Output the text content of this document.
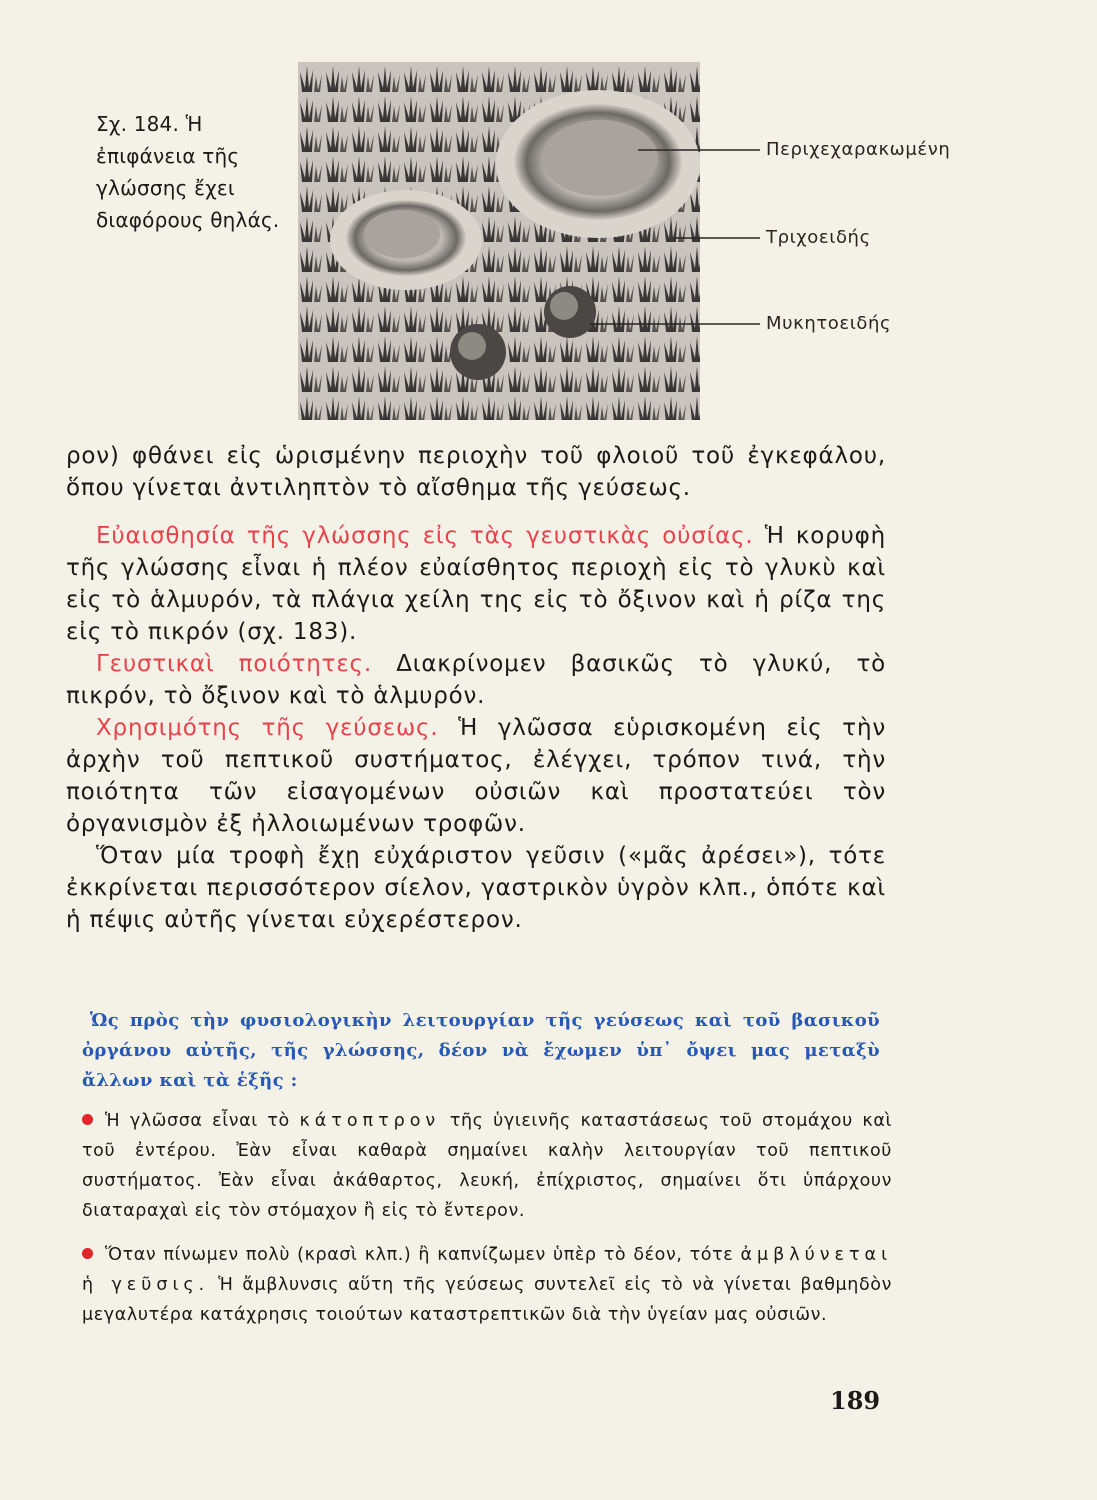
Σχ. 184. Ἡ ἐπιφάνεια τῆς γλώσσης ἔχει διαφόρους θηλάς.
Περιχεχαρακωμένη
Τριχοειδής
Μυκητοειδής

ρον) φθάνει εἰς ὡρισμένην περιοχὴν τοῦ φλοιοῦ τοῦ ἐγκεφάλου, ὅπου γίνεται ἀντιληπτὸν τὸ αἴσθημα τῆς γεύσεως.

Εὐαισθησία τῆς γλώσσης εἰς τὰς γευστικὰς οὐσίας. Ἡ κορυφὴ τῆς γλώσσης εἶναι ἡ πλέον εὐαίσθητος περιοχὴ εἰς τὸ γλυκὺ καὶ εἰς τὸ ἁλμυρόν, τὰ πλάγια χείλη της εἰς τὸ ὄξινον καὶ ἡ ρίζα της εἰς τὸ πικρόν (σχ. 183).

Γευστικαὶ ποιότητες. Διακρίνομεν βασικῶς τὸ γλυκύ, τὸ πικρόν, τὸ ὄξινον καὶ τὸ ἁλμυρόν.

Χρησιμότης τῆς γεύσεως. Ἡ γλῶσσα εὑρισκομένη εἰς τὴν ἀρχὴν τοῦ πεπτικοῦ συστήματος, ἐλέγχει, τρόπον τινά, τὴν ποιότητα τῶν εἰσαγομένων οὐσιῶν καὶ προστατεύει τὸν ὀργανισμὸν ἐξ ἠλλοιωμένων τροφῶν.

Ὅταν μία τροφὴ ἔχῃ εὐχάριστον γεῦσιν («μᾶς ἀρέσει»), τότε ἐκκρίνεται περισσότερον σίελον, γαστρικὸν ὑγρὸν κλπ., ὁπότε καὶ ἡ πέψις αὐτῆς γίνεται εὐχερέστερον.

Ὡς πρὸς τὴν φυσιολογικὴν λειτουργίαν τῆς γεύσεως καὶ τοῦ βασικοῦ ὀργάνου αὐτῆς, τῆς γλώσσης, δέον νὰ ἔχωμεν ὑπ᾿ ὄψει μας μεταξὺ ἄλλων καὶ τὰ ἑξῆς :
Ἡ γλῶσσα εἶναι τὸ κάτοπτρον τῆς ὑγιεινῆς καταστάσεως τοῦ στομάχου καὶ τοῦ ἐντέρου. Ἐὰν εἶναι καθαρὰ σημαίνει καλὴν λειτουργίαν τοῦ πεπτικοῦ συστήματος. Ἐὰν εἶναι ἀκάθαρτος, λευκή, ἐπίχριστος, σημαίνει ὅτι ὑπάρχουν διαταραχαὶ εἰς τὸν στόμαχον ἢ εἰς τὸ ἔντερον.
Ὅταν πίνωμεν πολὺ (κρασὶ κλπ.) ἢ καπνίζωμεν ὑπὲρ τὸ δέον, τότε ἀμβλύνεται ἡ γεῦσις. Ἡ ἄμβλυνσις αὕτη τῆς γεύσεως συντελεῖ εἰς τὸ νὰ γίνεται βαθμηδὸν μεγαλυτέρα κατάχρησις τοιούτων καταστρεπτικῶν διὰ τὴν ὑγείαν μας οὐσιῶν.
189
